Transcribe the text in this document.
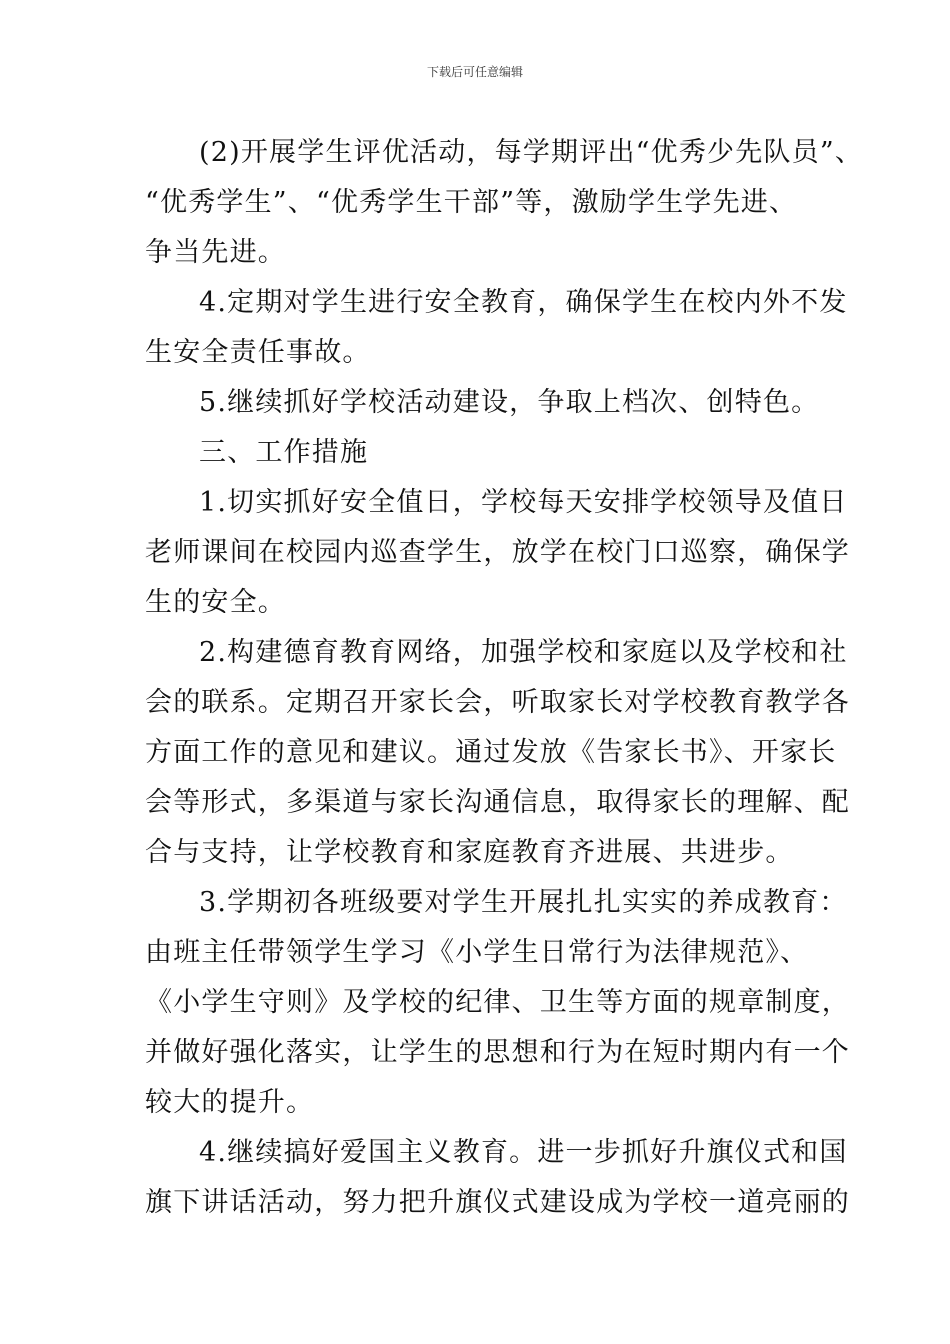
下载后可任意编辑
(2)开展学生评优活动，每学期评出“优秀少先队员”、
“优秀学生”、“优秀学生干部”等，激励学生学先进、
争当先进。
4.定期对学生进行安全教育，确保学生在校内外不发
生安全责任事故。
5.继续抓好学校活动建设，争取上档次、创特色。
三、工作措施
1.切实抓好安全值日，学校每天安排学校领导及值日
老师课间在校园内巡查学生，放学在校门口巡察，确保学
生的安全。
2.构建德育教育网络，加强学校和家庭以及学校和社
会的联系。定期召开家长会，听取家长对学校教育教学各
方面工作的意见和建议。通过发放《告家长书》、开家长
会等形式，多渠道与家长沟通信息，取得家长的理解、配
合与支持，让学校教育和家庭教育齐进展、共进步。
3.学期初各班级要对学生开展扎扎实实的养成教育：
由班主任带领学生学习《小学生日常行为法律规范》、
《小学生守则》及学校的纪律、卫生等方面的规章制度，
并做好强化落实，让学生的思想和行为在短时期内有一个
较大的提升。
4.继续搞好爱国主义教育。进一步抓好升旗仪式和国
旗下讲话活动，努力把升旗仪式建设成为学校一道亮丽的
